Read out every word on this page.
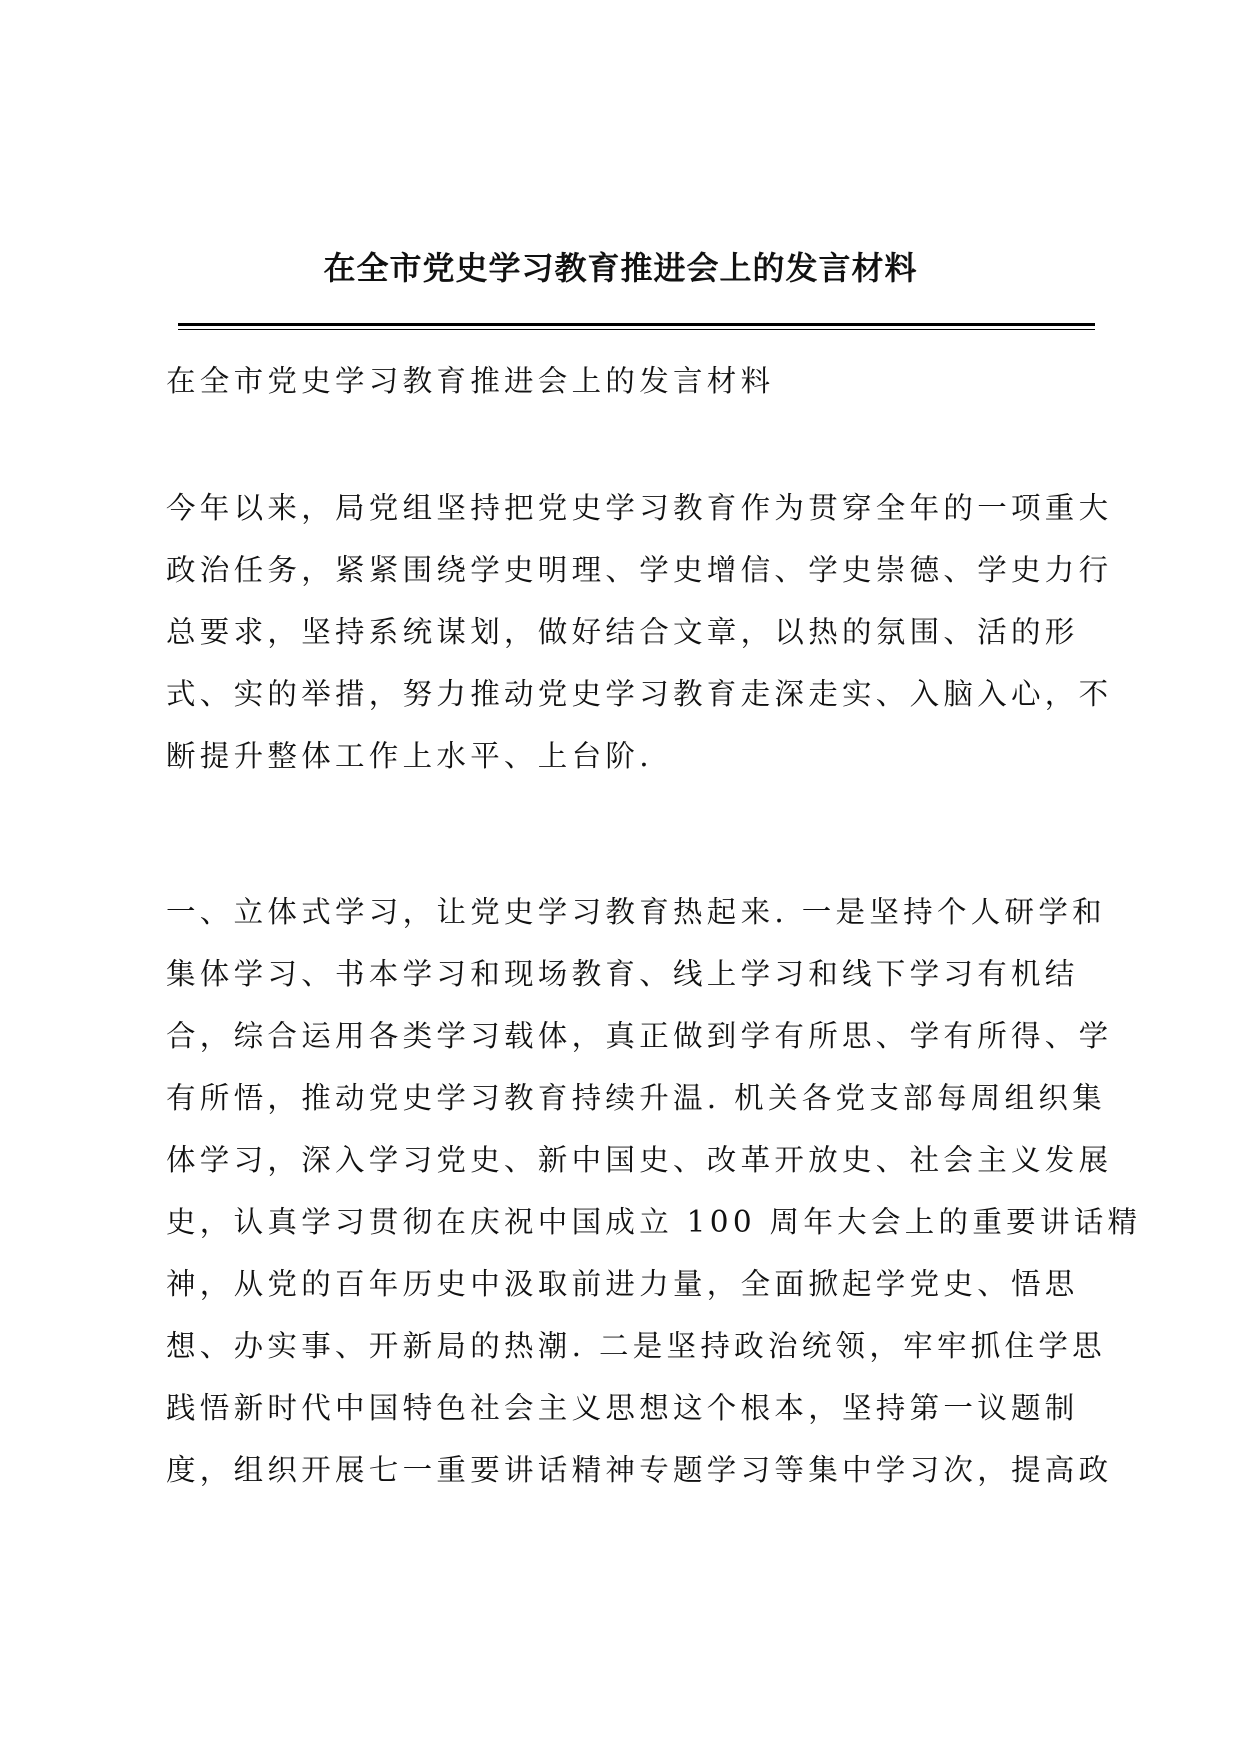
在全市党史学习教育推进会上的发言材料
在全市党史学习教育推进会上的发言材料
今年以来，局党组坚持把党史学习教育作为贯穿全年的一项重大
政治任务，紧紧围绕学史明理、学史增信、学史崇德、学史力行
总要求，坚持系统谋划，做好结合文章，以热的氛围、活的形
式、实的举措，努力推动党史学习教育走深走实、入脑入心，不
断提升整体工作上水平、上台阶.
一、立体式学习，让党史学习教育热起来. 一是坚持个人研学和
集体学习、书本学习和现场教育、线上学习和线下学习有机结
合，综合运用各类学习载体，真正做到学有所思、学有所得、学
有所悟，推动党史学习教育持续升温. 机关各党支部每周组织集
体学习，深入学习党史、新中国史、改革开放史、社会主义发展
史，认真学习贯彻在庆祝中国成立 100 周年大会上的重要讲话精
神，从党的百年历史中汲取前进力量，全面掀起学党史、悟思
想、办实事、开新局的热潮. 二是坚持政治统领，牢牢抓住学思
践悟新时代中国特色社会主义思想这个根本，坚持第一议题制
度，组织开展七一重要讲话精神专题学习等集中学习次，提高政
